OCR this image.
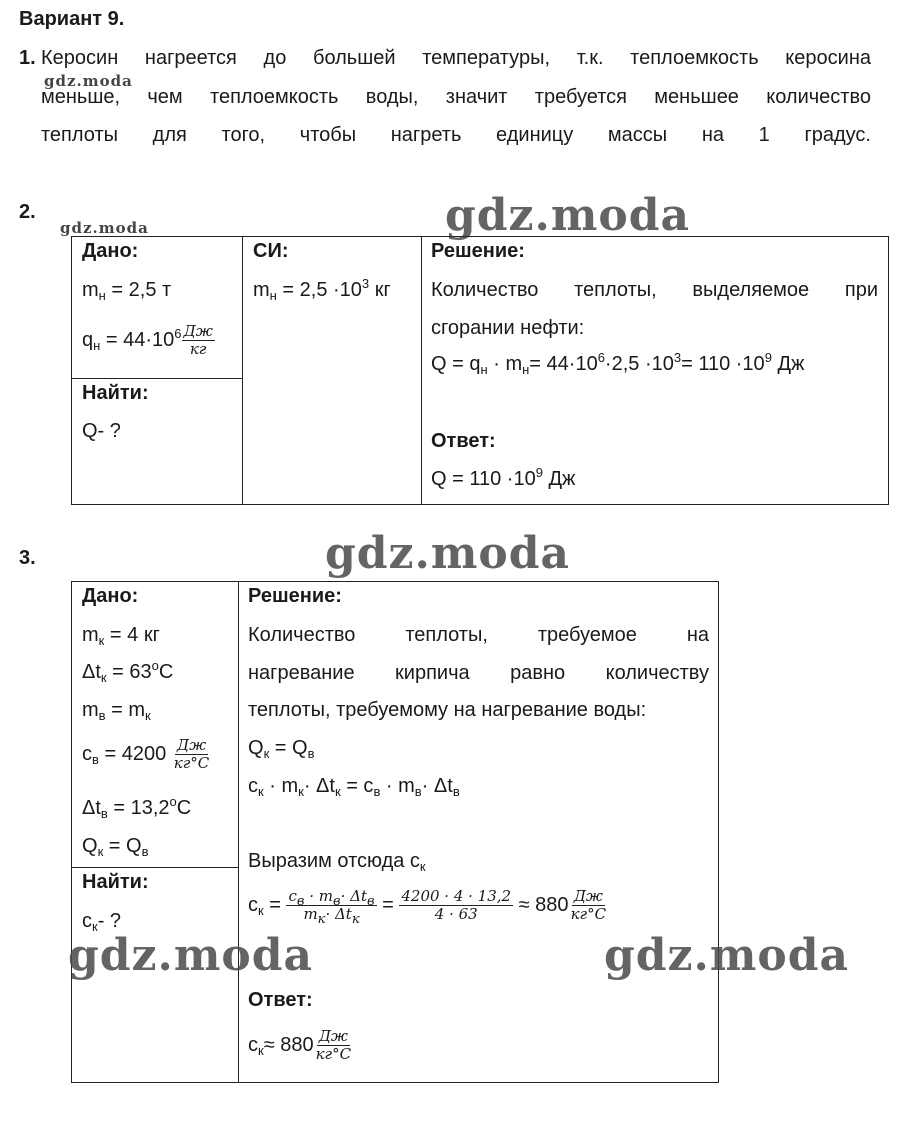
Вариант 9.
1. Керосин нагреется до большей температуры, т.к. теплоемкость керосина
меньше, чем теплоемкость воды, значит требуется меньшее количество
теплоты для того, чтобы нагреть единицу массы на 1 градус.
gdz.moda
2.
gdz.moda	gdz.moda
Дано:
$m_н = 2,5$ т
$q_н = 44\cdot 10^6 \frac{Дж}{кг}$

СИ:
$m_н = 2,5 \cdot 10^3$ кг

Решение:
Количество теплоты, выделяемое при
сгорании нефти:
$Q = q_н \cdot m_н= 44\cdot 10^6\cdot 2,5 \cdot 10^3= 110 \cdot 10^9$ Дж
Ответ:
$Q = 110 \cdot 10^9$ Дж

Найти:
Q- ?
3.	gdz.moda
Дано:
$m_к = 4$ кг
$\Delta t_к = 63^oC$
$m_в = m_к$
$c_в = 4200 \frac{Дж}{кг^\circ C}$
$\Delta t_в = 13,2^oC$
$Q_к = Q_в$

Решение:
Количество теплоты, требуемое на
нагревание кирпича равно количеству
теплоты, требуемому на нагревание воды:
$Q_к = Q_в$
$c_к \cdot m_к\cdot \Delta t_к = c_в \cdot m_в\cdot \Delta t_в$
Выразим отсюда $c_к$
$c_к = \frac{c_в \cdot m_в\cdot \Delta t_в}{m_к\cdot \Delta t_к} = \frac{4200 \cdot 4 \cdot 13,2}{4 \cdot 63} \approx 880 \frac{Дж}{кг^\circ C}$
Ответ:
$c_к\approx 880 \frac{Дж}{кг^\circ C}$

Найти:
$c_к-$ ?
gdz.moda	gdz.moda
